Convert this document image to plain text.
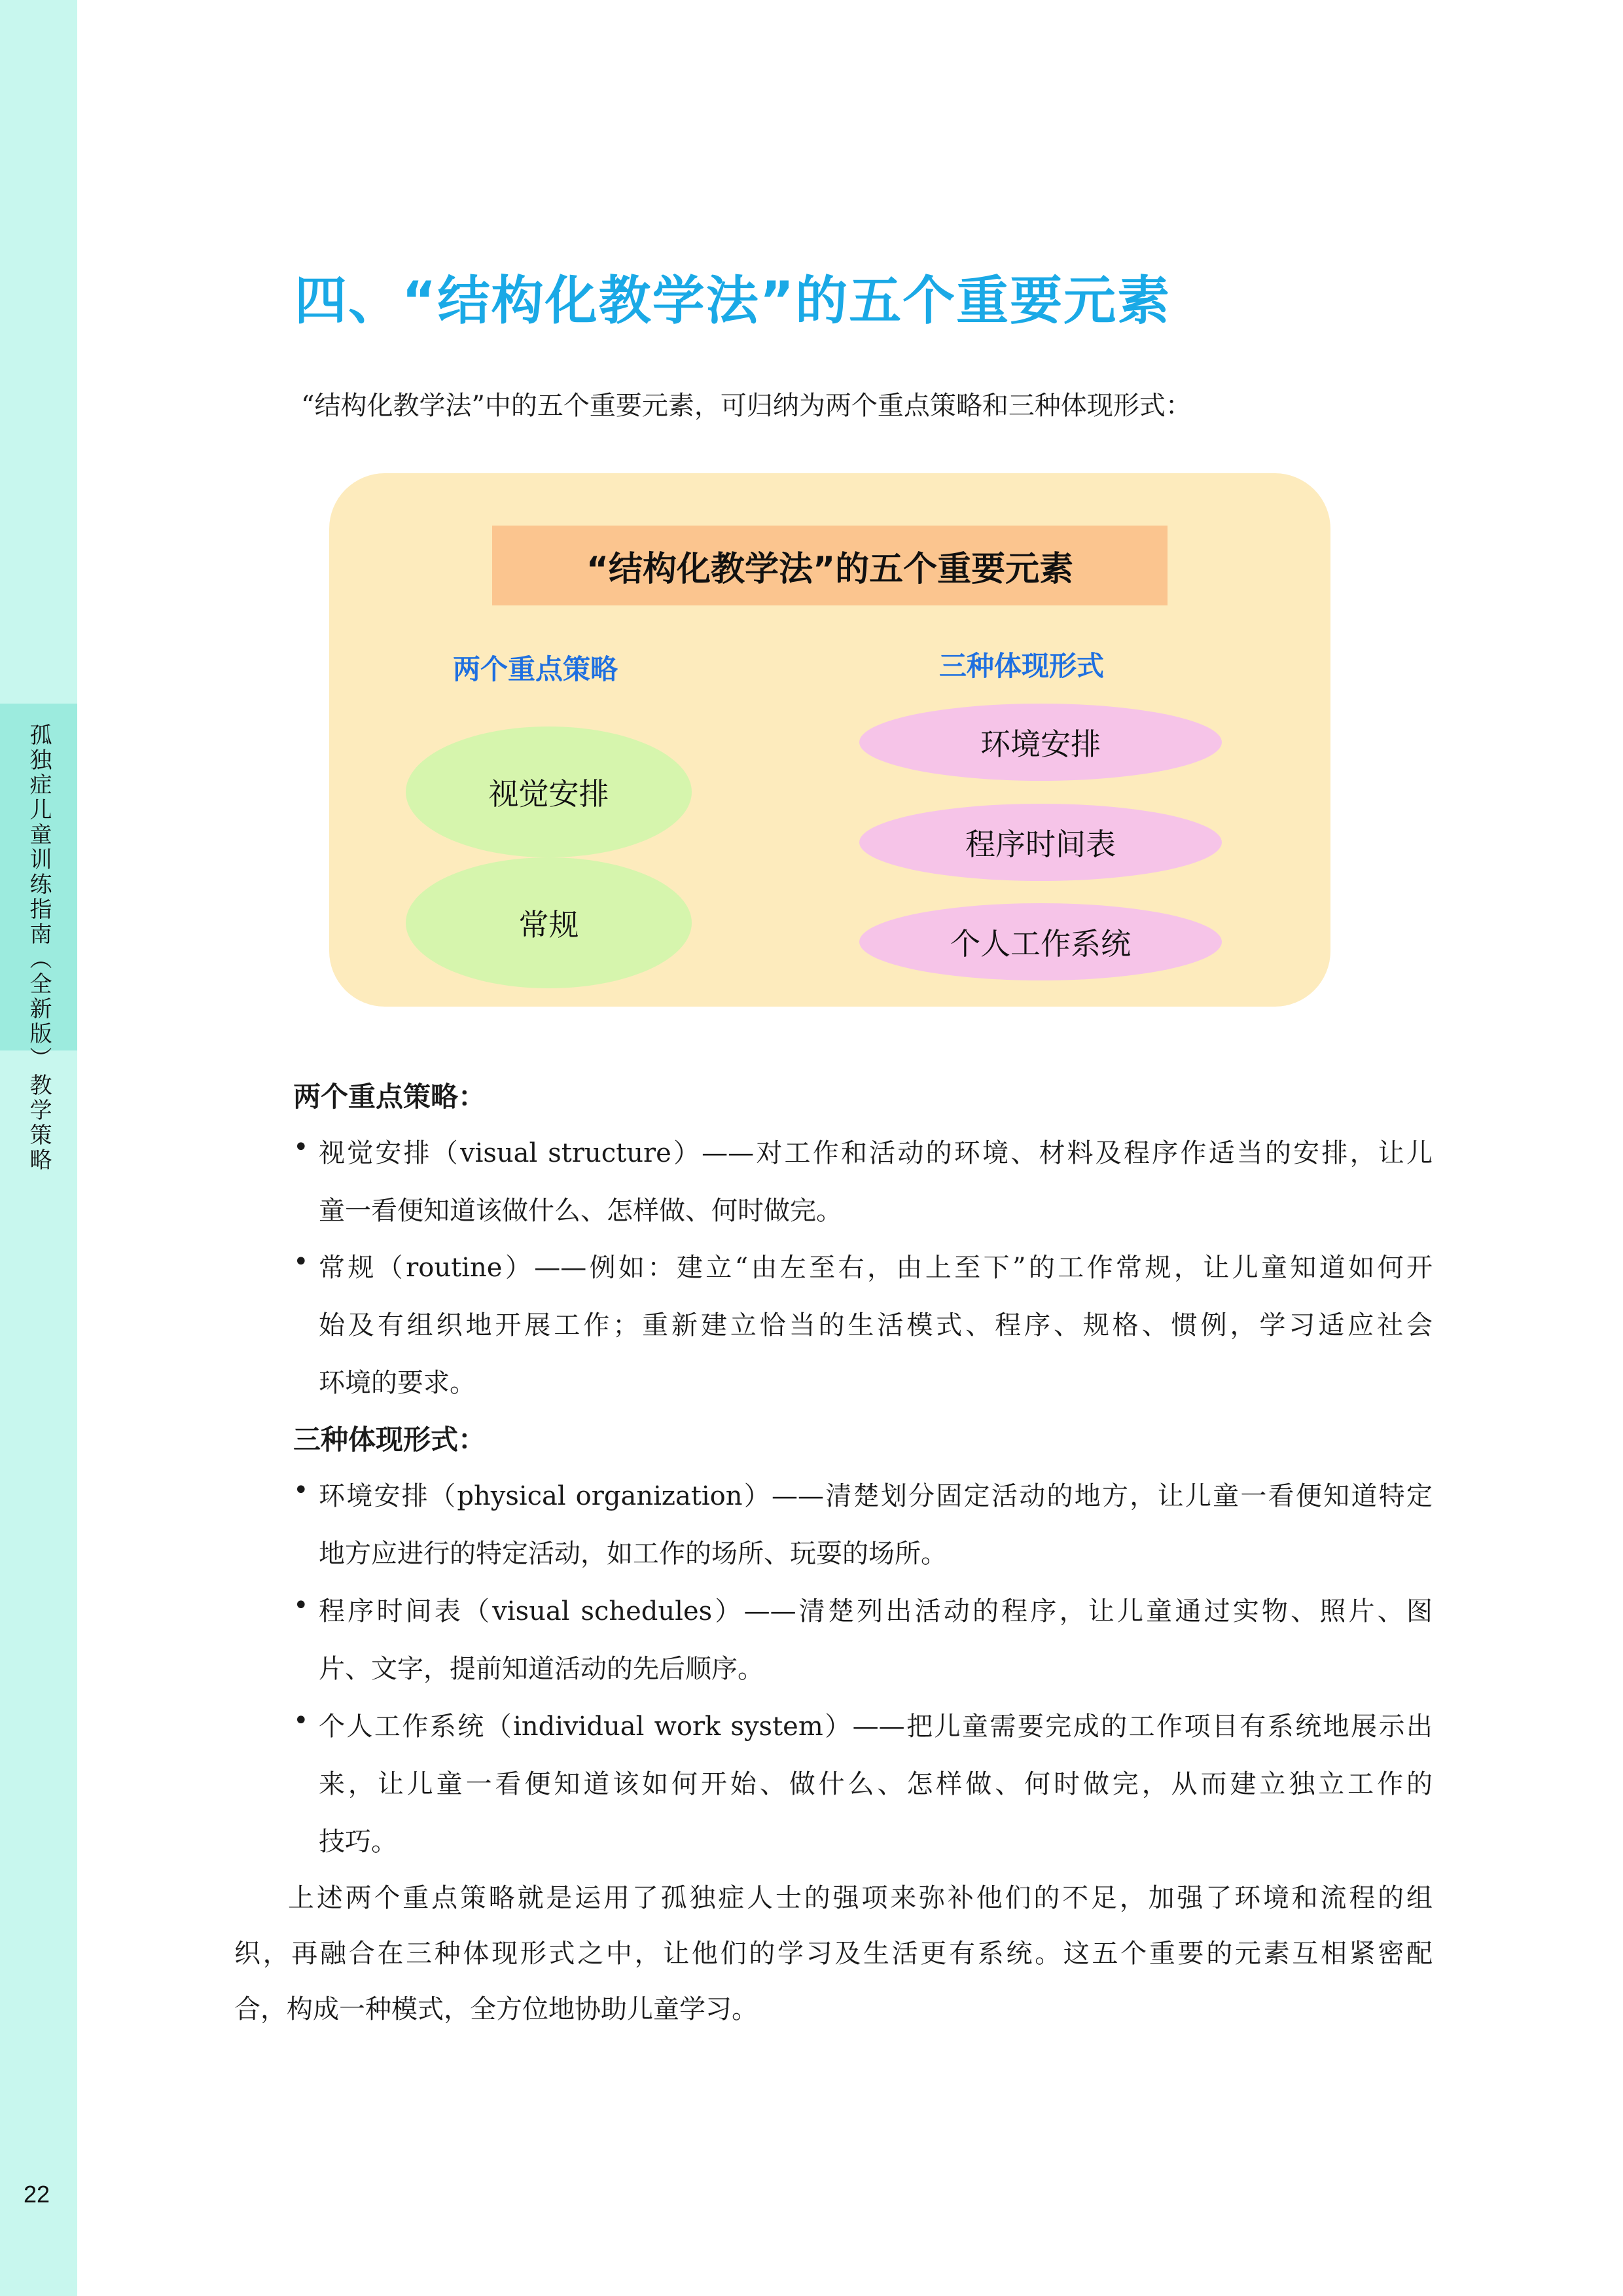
孤独症儿童训练指南（全新版）
教学策略
22
四、“结构化教学法”的五个重要元素
“结构化教学法”中的五个重要元素，可归纳为两个重点策略和三种体现形式：
“结构化教学法”的五个重要元素
两个重点策略	三种体现形式
视觉安排
常规
环境安排
程序时间表
个人工作系统
两个重点策略：
• 视觉安排（visual structure）——对工作和活动的环境、材料及程序作适当的安排，让儿
童一看便知道该做什么、怎样做、何时做完。
• 常规（routine）——例如：建立“由左至右，由上至下”的工作常规，让儿童知道如何开
始及有组织地开展工作；重新建立恰当的生活模式、程序、规格、惯例，学习适应社会
环境的要求。
三种体现形式：
• 环境安排（physical organization）——清楚划分固定活动的地方，让儿童一看便知道特定
地方应进行的特定活动，如工作的场所、玩耍的场所。
• 程序时间表（visual schedules）——清楚列出活动的程序，让儿童通过实物、照片、图
片、文字，提前知道活动的先后顺序。
• 个人工作系统（individual work system）——把儿童需要完成的工作项目有系统地展示出
来，让儿童一看便知道该如何开始、做什么、怎样做、何时做完，从而建立独立工作的
技巧。
上述两个重点策略就是运用了孤独症人士的强项来弥补他们的不足，加强了环境和流程的组
织，再融合在三种体现形式之中，让他们的学习及生活更有系统。这五个重要的元素互相紧密配
合，构成一种模式，全方位地协助儿童学习。
